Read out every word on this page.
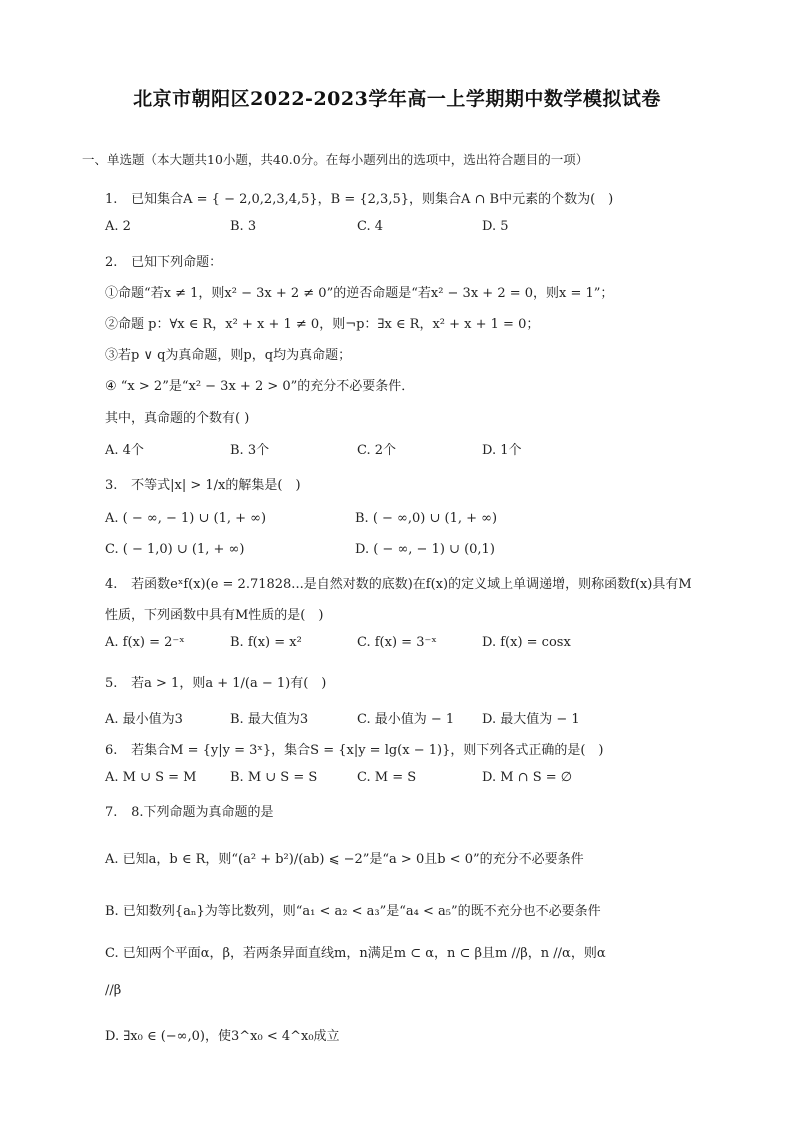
北京市朝阳区2022-2023学年高一上学期期中数学模拟试卷
一、单选题（本大题共10小题，共40.0分。在每小题列出的选项中，选出符合题目的一项）
1. 已知集合A = { − 2,0,2,3,4,5}，B = {2,3,5}，则集合A ∩ B中元素的个数为(　)
A. 2	B. 3	C. 4	D. 5
2. 已知下列命题：
①命题“若x ≠ 1，则x² − 3x + 2 ≠ 0”的逆否命题是“若x² − 3x + 2 = 0，则x = 1”；
②命题 p：∀x ∈ R，x² + x + 1 ≠ 0，则¬p：∃x ∈ R，x² + x + 1 = 0；
③若p ∨ q为真命题，则p，q均为真命题；
④ “x > 2”是“x² − 3x + 2 > 0”的充分不必要条件．
其中，真命题的个数有( )
A. 4个	B. 3个	C. 2个	D. 1个
3. 不等式|x| > 1/x的解集是(　)
A. ( − ∞, − 1) ∪ (1, + ∞)	B. ( − ∞,0) ∪ (1, + ∞)
C. ( − 1,0) ∪ (1, + ∞)	D. ( − ∞, − 1) ∪ (0,1)
4. 若函数eˣf(x)(e = 2.71828...是自然对数的底数)在f(x)的定义域上单调递增，则称函数f(x)具有M
性质，下列函数中具有M性质的是(　)
A. f(x) = 2⁻ˣ	B. f(x) = x²	C. f(x) = 3⁻ˣ	D. f(x) = cosx
5. 若a > 1，则a + 1/(a − 1)有(　)
A. 最小值为3	B. 最大值为3	C. 最小值为 − 1 D. 最大值为 − 1
6. 若集合M = {y|y = 3ˣ}，集合S = {x|y = lg(x − 1)}，则下列各式正确的是(　)
A. M ∪ S = M	B. M ∪ S = S	C. M = S	D. M ∩ S = ∅
7. 8.下列命题为真命题的是
A. 已知a，b ∈ R，则“(a² + b²)/(ab) ⩽ −2”是“a > 0且b < 0”的充分不必要条件
B. 已知数列{aₙ}为等比数列，则“a₁ < a₂ < a₃”是“a₄ < a₅”的既不充分也不必要条件
C. 已知两个平面α，β，若两条异面直线m，n满足m ⊂ α，n ⊂ β且m //β，n //α，则α
//β
D. ∃x₀ ∈ (−∞,0)，使3^x₀ < 4^x₀成立
